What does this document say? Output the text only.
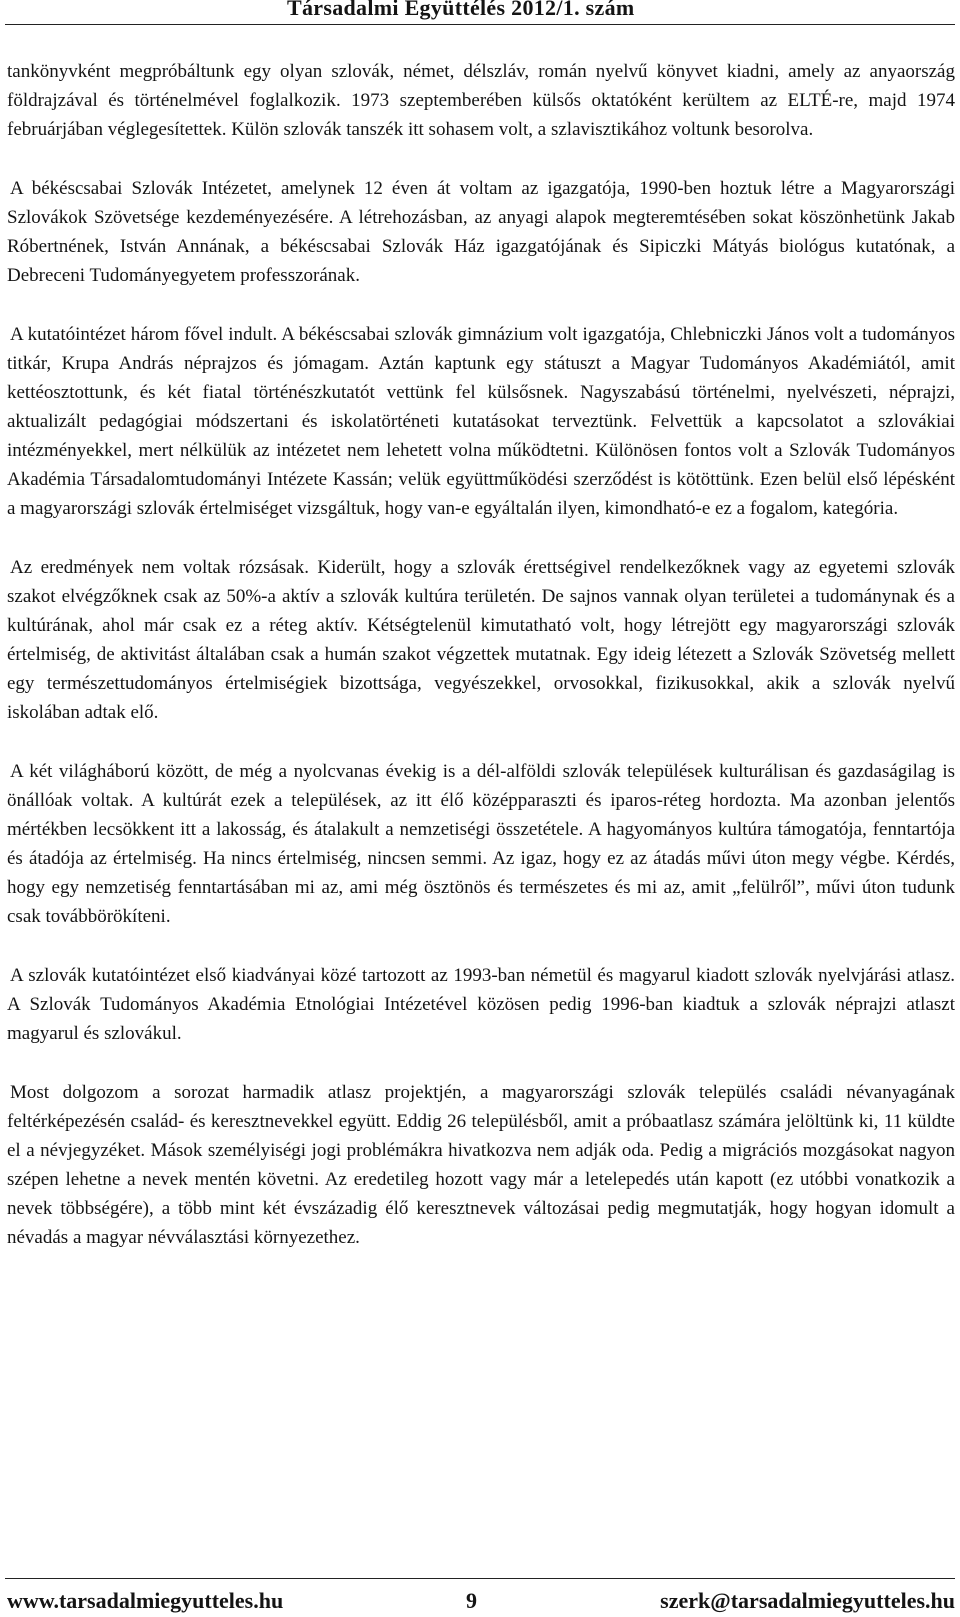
Társadalmi Együttélés 2012/1. szám

tankönyvként megpróbáltunk egy olyan szlovák, német, délszláv, román nyelvű könyvet kiadni, amely az anyaország földrajzával és történelmével foglalkozik. 1973 szeptemberében külsős oktatóként kerültem az ELTÉ-re, majd 1974 februárjában véglegesítettek. Külön szlovák tanszék itt sohasem volt, a szlavisztikához voltunk besorolva.

A békéscsabai Szlovák Intézetet, amelynek 12 éven át voltam az igazgatója, 1990-ben hoztuk létre a Magyarországi Szlovákok Szövetsége kezdeményezésére. A létrehozásban, az anyagi alapok megteremtésében sokat köszönhetünk Jakab Róbertnének, István Annának, a békéscsabai Szlovák Ház igazgatójának és Sipiczki Mátyás biológus kutatónak, a Debreceni Tudományegyetem professzorának.

A kutatóintézet három fővel indult. A békéscsabai szlovák gimnázium volt igazgatója, Chlebniczki János volt a tudományos titkár, Krupa András néprajzos és jómagam. Aztán kaptunk egy státuszt a Magyar Tudományos Akadémiától, amit kettéosztottunk, és két fiatal történészkutatót vettünk fel külsősnek. Nagyszabású történelmi, nyelvészeti, néprajzi, aktualizált pedagógiai módszertani és iskolatörténeti kutatásokat terveztünk. Felvettük a kapcsolatot a szlovákiai intézményekkel, mert nélkülük az intézetet nem lehetett volna működtetni. Különösen fontos volt a Szlovák Tudományos Akadémia Társadalomtudományi Intézete Kassán; velük együttműködési szerződést is kötöttünk. Ezen belül első lépésként a magyarországi szlovák értelmiséget vizsgáltuk, hogy van-e egyáltalán ilyen, kimondható-e ez a fogalom, kategória.

Az eredmények nem voltak rózsásak. Kiderült, hogy a szlovák érettségivel rendelkezőknek vagy az egyetemi szlovák szakot elvégzőknek csak az 50%-a aktív a szlovák kultúra területén. De sajnos vannak olyan területei a tudománynak és a kultúrának, ahol már csak ez a réteg aktív. Kétségtelenül kimutatható volt, hogy létrejött egy magyarországi szlovák értelmiség, de aktivitást általában csak a humán szakot végzettek mutatnak. Egy ideig létezett a Szlovák Szövetség mellett egy természettudományos értelmiségiek bizottsága, vegyészekkel, orvosokkal, fizikusokkal, akik a szlovák nyelvű iskolában adtak elő.

A két világháború között, de még a nyolcvanas évekig is a dél-alföldi szlovák települések kulturálisan és gazdaságilag is önállóak voltak. A kultúrát ezek a települések, az itt élő középparaszti és iparos-réteg hordozta. Ma azonban jelentős mértékben lecsökkent itt a lakosság, és átalakult a nemzetiségi összetétele. A hagyományos kultúra támogatója, fenntartója és átadója az értelmiség. Ha nincs értelmiség, nincsen semmi. Az igaz, hogy ez az átadás művi úton megy végbe. Kérdés, hogy egy nemzetiség fenntartásában mi az, ami még ösztönös és természetes és mi az, amit „felülről”, művi úton tudunk csak továbbörökíteni.

A szlovák kutatóintézet első kiadványai közé tartozott az 1993-ban németül és magyarul kiadott szlovák nyelvjárási atlasz. A Szlovák Tudományos Akadémia Etnológiai Intézetével közösen pedig 1996-ban kiadtuk a szlovák néprajzi atlaszt magyarul és szlovákul.

Most dolgozom a sorozat harmadik atlasz projektjén, a magyarországi szlovák település családi névanyagának feltérképezésén család- és keresztnevekkel együtt. Eddig 26 településből, amit a próbaatlasz számára jelöltünk ki, 11 küldte el a névjegyzéket. Mások személyiségi jogi problémákra hivatkozva nem adják oda. Pedig a migrációs mozgásokat nagyon szépen lehetne a nevek mentén követni. Az eredetileg hozott vagy már a letelepedés után kapott (ez utóbbi vonatkozik a nevek többségére), a több mint két évszázadig élő keresztnevek változásai pedig megmutatják, hogy hogyan idomult a névadás a magyar névválasztási környezethez.

www.tarsadalmiegyutteles.hu	9	szerk@tarsadalmiegyutteles.hu
